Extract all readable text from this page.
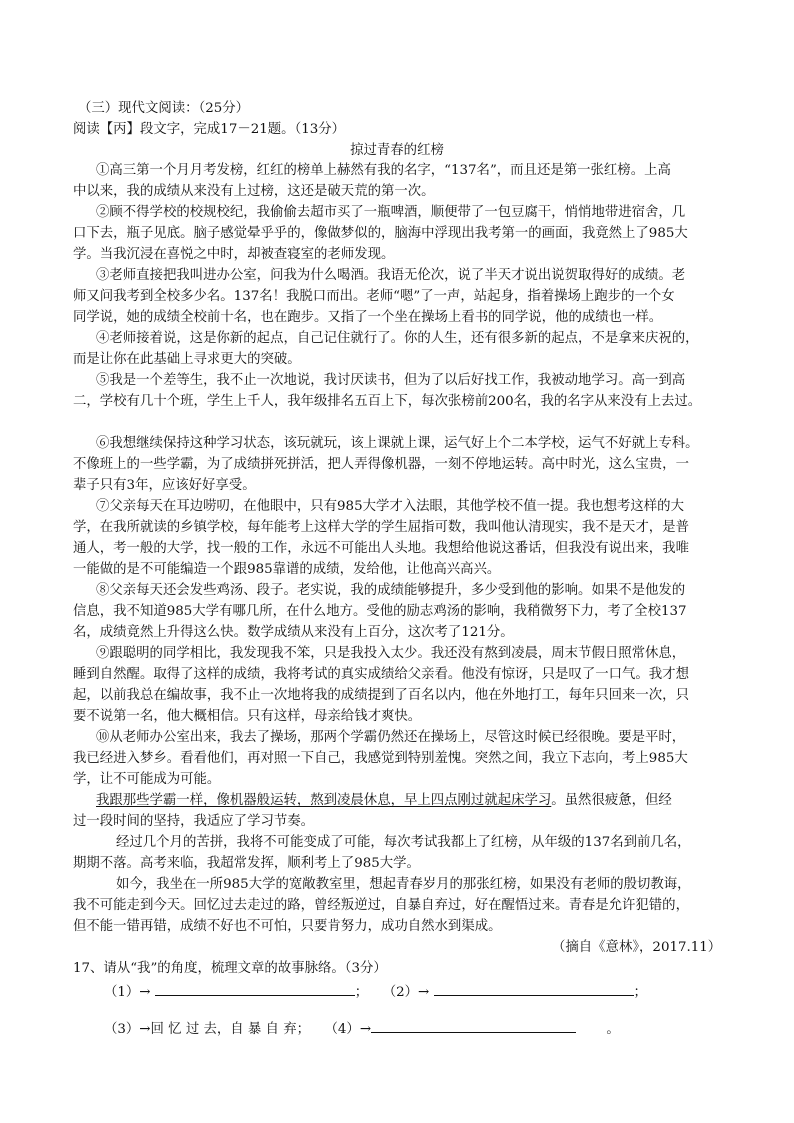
（三）现代文阅读：（25分）
阅读【丙】段文字，完成17－21题。（13分）
掠过青春的红榜
①高三第一个月月考发榜，红红的榜单上赫然有我的名字，“137名”，而且还是第一张红榜。上高
中以来，我的成绩从来没有上过榜，这还是破天荒的第一次。
②顾不得学校的校规校纪，我偷偷去超市买了一瓶啤酒，顺便带了一包豆腐干，悄悄地带进宿舍，几
口下去，瓶子见底。脑子感觉晕乎乎的，像做梦似的，脑海中浮现出我考第一的画面，我竟然上了985大
学。当我沉浸在喜悦之中时，却被查寝室的老师发现。
③老师直接把我叫进办公室，问我为什么喝酒。我语无伦次，说了半天才说出说贺取得好的成绩。老
师又问我考到全校多少名。137名！我脱口而出。老师“嗯”了一声，站起身，指着操场上跑步的一个女
同学说，她的成绩全校前十名，也在跑步。又指了一个坐在操场上看书的同学说，他的成绩也一样。
④老师接着说，这是你新的起点，自己记住就行了。你的人生，还有很多新的起点，不是拿来庆祝的，
而是让你在此基础上寻求更大的突破。
⑤我是一个差等生，我不止一次地说，我讨厌读书，但为了以后好找工作，我被动地学习。高一到高
二，学校有几十个班，学生上千人，我年级排名五百上下，每次张榜前200名，我的名字从来没有上去过。
⑥我想继续保持这种学习状态，该玩就玩，该上课就上课，运气好上个二本学校，运气不好就上专科。
不像班上的一些学霸，为了成绩拼死拼活，把人弄得像机器，一刻不停地运转。高中时光，这么宝贵，一
辈子只有3年，应该好好享受。
⑦父亲每天在耳边唠叨，在他眼中，只有985大学才入法眼，其他学校不值一提。我也想考这样的大
学，在我所就读的乡镇学校，每年能考上这样大学的学生屈指可数，我叫他认清现实，我不是天才，是普
通人，考一般的大学，找一般的工作，永远不可能出人头地。我想给他说这番话，但我没有说出来，我唯
一能做的是不可能编造一个跟985靠谱的成绩，发给他，让他高兴高兴。
⑧父亲每天还会发些鸡汤、段子。老实说，我的成绩能够提升，多少受到他的影响。如果不是他发的
信息，我不知道985大学有哪几所，在什么地方。受他的励志鸡汤的影响，我稍微努下力，考了全校137
名，成绩竟然上升得这么快。数学成绩从来没有上百分，这次考了121分。
⑨跟聪明的同学相比，我发现我不笨，只是我投入太少。我还没有熬到凌晨，周末节假日照常休息，
睡到自然醒。取得了这样的成绩，我将考试的真实成绩给父亲看。他没有惊讶，只是叹了一口气。我才想
起，以前我总在编故事，我不止一次地将我的成绩提到了百名以内，他在外地打工，每年只回来一次，只
要不说第一名，他大概相信。只有这样，母亲给钱才爽快。
⑩从老师办公室出来，我去了操场，那两个学霸仍然还在操场上，尽管这时候已经很晚。要是平时，
我已经进入梦乡。看看他们，再对照一下自己，我感觉到特别羞愧。突然之间，我立下志向，考上985大
学，让不可能成为可能。
我跟那些学霸一样，像机器般运转，熬到凌晨休息，早上四点刚过就起床学习。虽然很疲惫，但经
过一段时间的坚持，我适应了学习节奏。
经过几个月的苦拼，我将不可能变成了可能，每次考试我都上了红榜，从年级的137名到前几名，
期期不落。高考来临，我超常发挥，顺利考上了985大学。
如今，我坐在一所985大学的宽敞教室里，想起青春岁月的那张红榜，如果没有老师的殷切教诲，
我不可能走到今天。回忆过去走过的路，曾经叛逆过，自暴自弃过，好在醒悟过来。青春是允许犯错的，
但不能一错再错，成绩不好也不可怕，只要肯努力，成功自然水到渠成。
（摘自《意林》，2017.11）
17、请从“我”的角度，梳理文章的故事脉络。（3分）
（1）→	； （2）→	；
（3）→回 忆 过 去，自 暴 自 弃； （4）→	。
